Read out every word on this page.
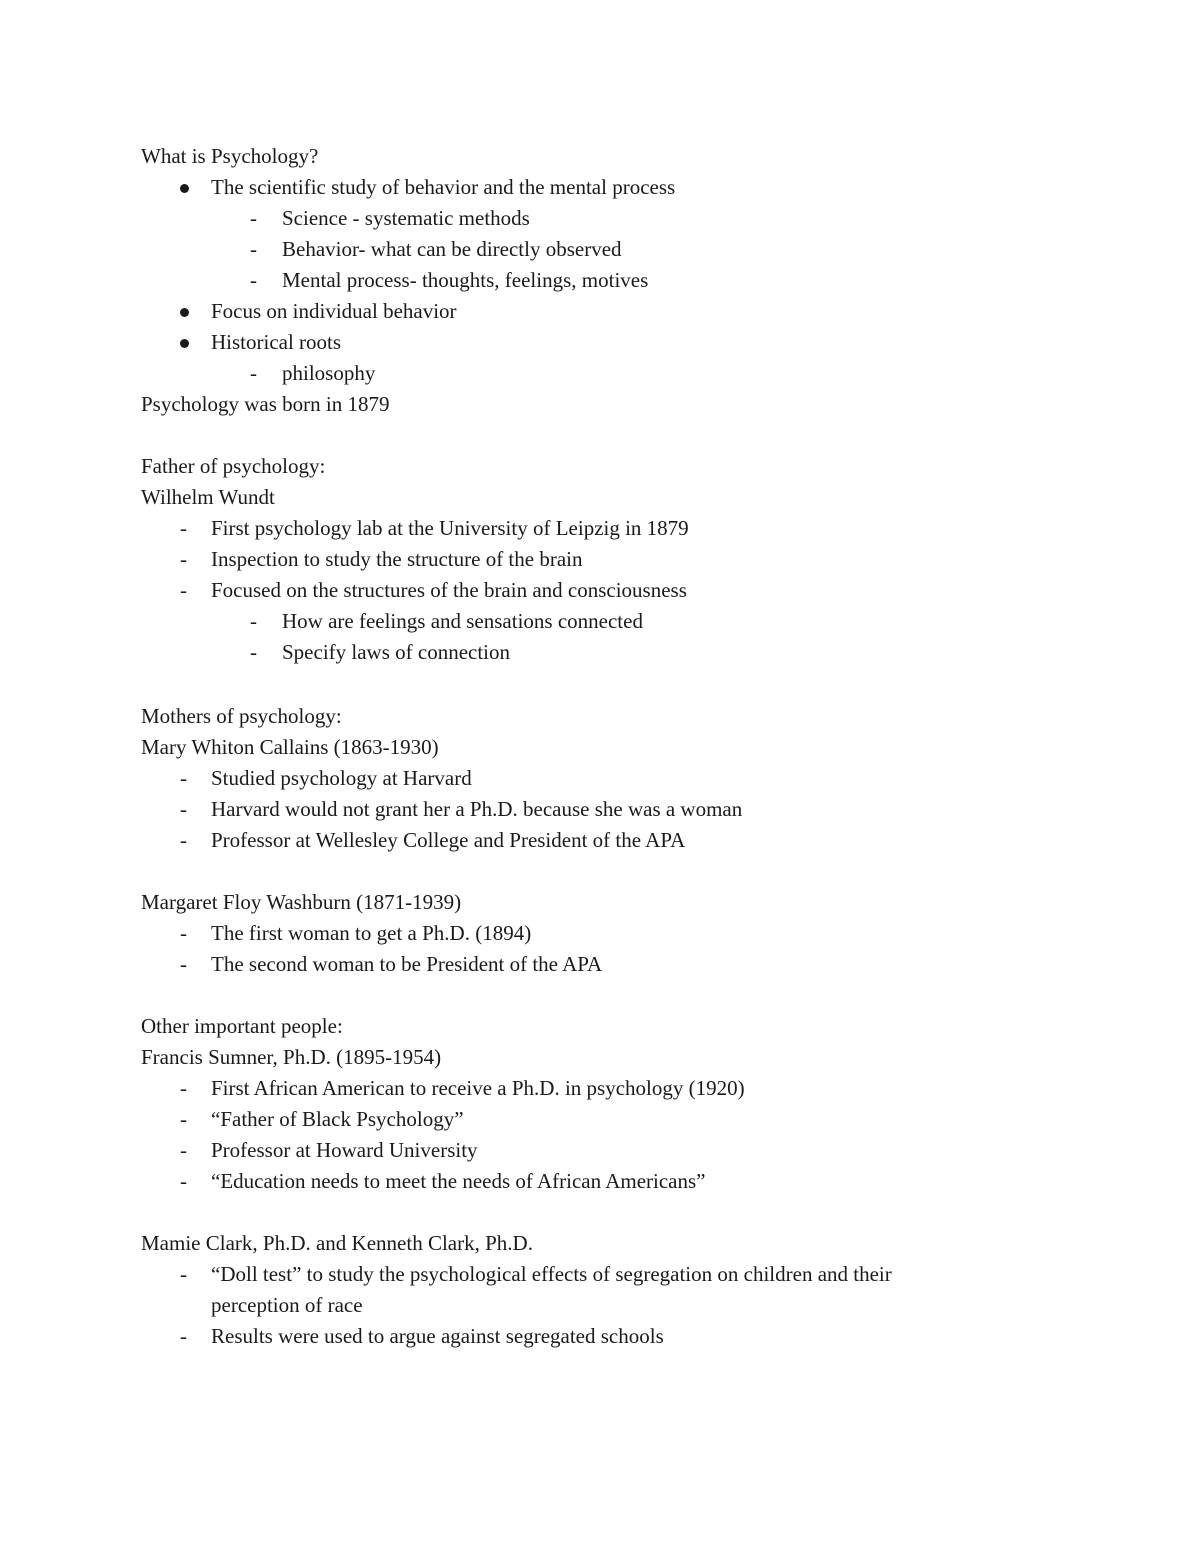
What is Psychology?
The scientific study of behavior and the mental process
- Science - systematic methods
- Behavior- what can be directly observed
- Mental process- thoughts, feelings, motives
Focus on individual behavior
Historical roots
- philosophy
Psychology was born in 1879
Father of psychology:
Wilhelm Wundt
- First psychology lab at the University of Leipzig in 1879
- Inspection to study the structure of the brain
- Focused on the structures of the brain and consciousness
- How are feelings and sensations connected
- Specify laws of connection
Mothers of psychology:
Mary Whiton Callains (1863-1930)
- Studied psychology at Harvard
- Harvard would not grant her a Ph.D. because she was a woman
- Professor at Wellesley College and President of the APA
Margaret Floy Washburn (1871-1939)
- The first woman to get a Ph.D. (1894)
- The second woman to be President of the APA
Other important people:
Francis Sumner, Ph.D. (1895-1954)
- First African American to receive a Ph.D. in psychology (1920)
- “Father of Black Psychology”
- Professor at Howard University
- “Education needs to meet the needs of African Americans”
Mamie Clark, Ph.D. and Kenneth Clark, Ph.D.
- “Doll test” to study the psychological effects of segregation on children and their
perception of race
- Results were used to argue against segregated schools
